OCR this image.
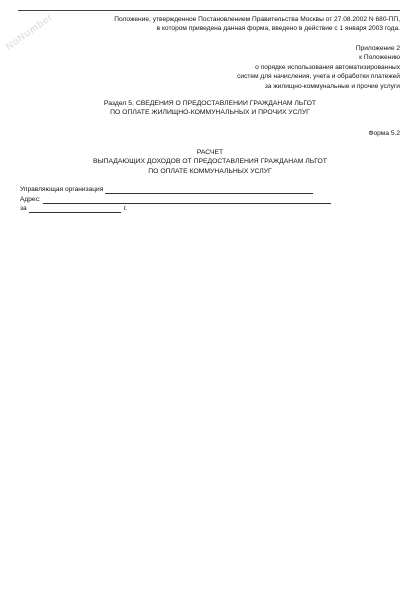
NoNumber	Положение, утвержденное Постановлением Правительства Москвы от 27.08.2002 N 680-ПП,
в котором приведена данная форма, введено в действие с 1 января 2003 года.
Приложение 2
к Положению
о порядке использования автоматизированных
систем для начисления, учета и обработки платежей
за жилищно-коммунальные и прочие услуги
Раздел 5. СВЕДЕНИЯ О ПРЕДОСТАВЛЕНИИ ГРАЖДАНАМ ЛЬГОТ
ПО ОПЛАТЕ ЖИЛИЩНО-КОММУНАЛЬНЫХ И ПРОЧИХ УСЛУГ
Форма 5.2
РАСЧЕТ
ВЫПАДАЮЩИХ ДОХОДОВ ОТ ПРЕДОСТАВЛЕНИЯ ГРАЖДАНАМ ЛЬГОТ
ПО ОПЛАТЕ КОММУНАЛЬНЫХ УСЛУГ
Управляющая организация
Адрес:
за	г.
